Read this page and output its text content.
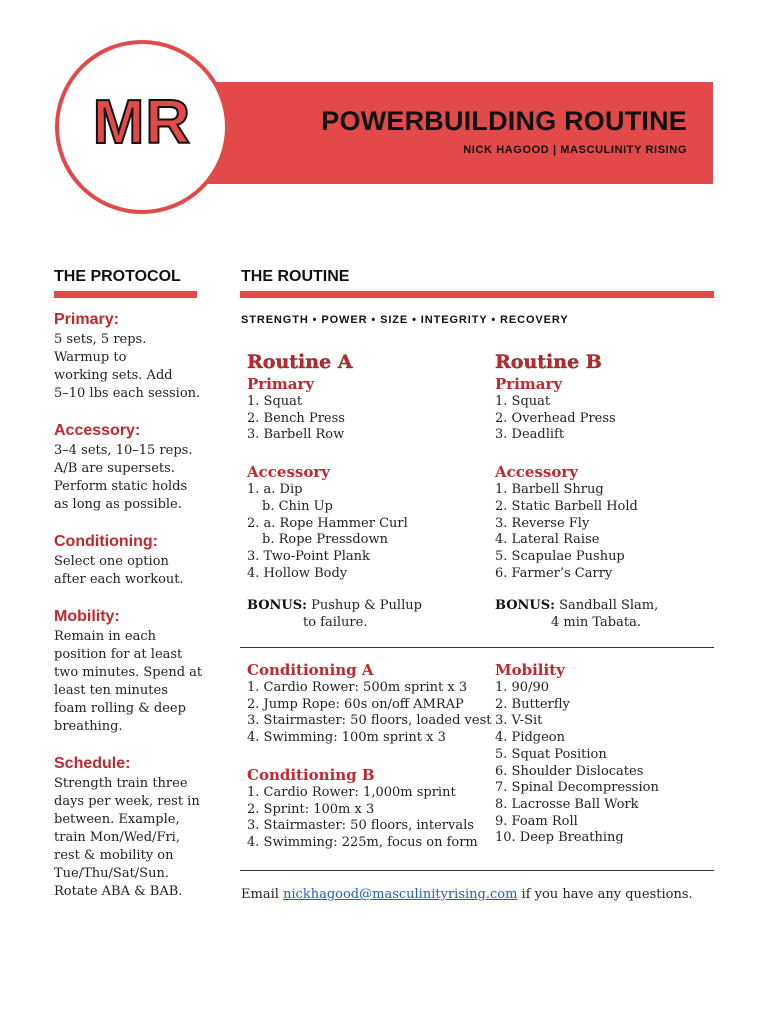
POWERBUILDING ROUTINE
NICK HAGOOD | MASCULINITY RISING
MR
THE PROTOCOL	THE ROUTINE
Primary:
5 sets, 5 reps.
Warmup to
working sets. Add
5–10 lbs each session.
Accessory:
3–4 sets, 10–15 reps.
A/B are supersets.
Perform static holds
as long as possible.
Conditioning:
Select one option
after each workout.
Mobility:
Remain in each
position for at least
two minutes. Spend at
least ten minutes
foam rolling & deep
breathing.
Schedule:
Strength train three
days per week, rest in
between. Example,
train Mon/Wed/Fri,
rest & mobility on
Tue/Thu/Sat/Sun.
Rotate ABA & BAB.
STRENGTH • POWER • SIZE • INTEGRITY • RECOVERY
Routine A
Primary
1. Squat
2. Bench Press
3. Barbell Row
Accessory
1. a. Dip
b. Chin Up
2. a. Rope Hammer Curl
b. Rope Pressdown
3. Two-Point Plank
4. Hollow Body
BONUS: Pushup & Pullup
to failure.
Routine B
Primary
1. Squat
2. Overhead Press
3. Deadlift
Accessory
1. Barbell Shrug
2. Static Barbell Hold
3. Reverse Fly
4. Lateral Raise
5. Scapulae Pushup
6. Farmer’s Carry
BONUS: Sandball Slam,
4 min Tabata.
Conditioning A
1. Cardio Rower: 500m sprint x 3
2. Jump Rope: 60s on/off AMRAP
3. Stairmaster: 50 floors, loaded vest
4. Swimming: 100m sprint x 3
Conditioning B
1. Cardio Rower: 1,000m sprint
2. Sprint: 100m x 3
3. Stairmaster: 50 floors, intervals
4. Swimming: 225m, focus on form
Mobility
1. 90/90
2. Butterfly
3. V-Sit
4. Pidgeon
5. Squat Position
6. Shoulder Dislocates
7. Spinal Decompression
8. Lacrosse Ball Work
9. Foam Roll
10. Deep Breathing
Email nickhagood@masculinityrising.com if you have any questions.
